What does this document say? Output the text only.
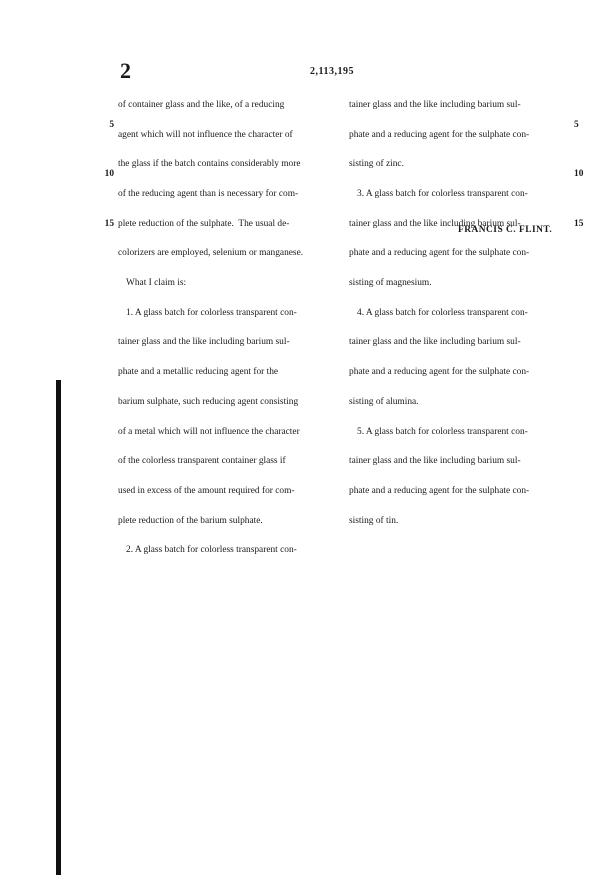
2	2,113,195
5
10
15

of container glass and the like, of a reducing

agent which will not influence the character of

the glass if the batch contains considerably more

of the reducing agent than is necessary for com-

plete reduction of the sulphate.  The usual de-

colorizers are employed, selenium or manganese.

What I claim is:

1. A glass batch for colorless transparent con-

tainer glass and the like including barium sul-

phate and a metallic reducing agent for the

barium sulphate, such reducing agent consisting

of a metal which will not influence the character

of the colorless transparent container glass if

used in excess of the amount required for com-

plete reduction of the barium sulphate.

2. A glass batch for colorless transparent con-

tainer glass and the like including barium sul-

phate and a reducing agent for the sulphate con-

sisting of zinc.

3. A glass batch for colorless transparent con-

tainer glass and the like including barium sul-

phate and a reducing agent for the sulphate con-

sisting of magnesium.

4. A glass batch for colorless transparent con-

tainer glass and the like including barium sul-

phate and a reducing agent for the sulphate con-

sisting of alumina.

5. A glass batch for colorless transparent con-

tainer glass and the like including barium sul-

phate and a reducing agent for the sulphate con-

sisting of tin.

5
10
15
FRANCIS C. FLINT.
